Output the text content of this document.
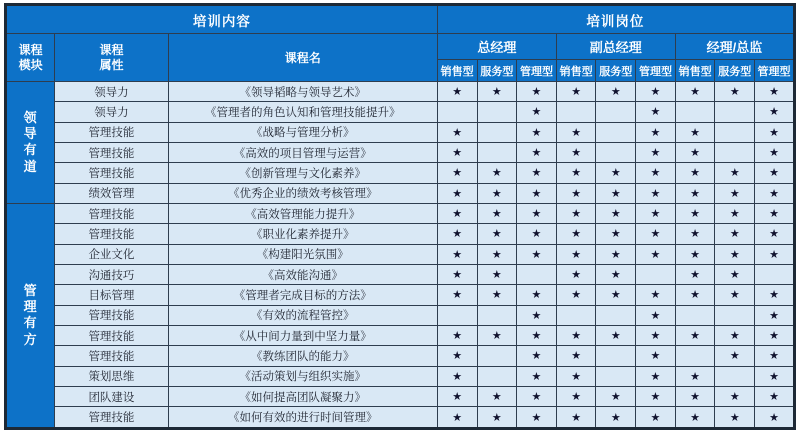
培训内容			培训岗位								
课程模块	课程属性	课程名	总经理			副总经理			经理/总监		
			销售型	服务型	管理型	销售型	服务型	管理型	销售型	服务型	管理型
领导有道	领导力	《领导韬略与领导艺术》	★	★	★	★	★	★	★	★	★
	领导力	《管理者的角色认知和管理技能提升》			★			★			★
	管理技能	《战略与管理分析》	★		★	★		★	★		★
	管理技能	《高效的项目管理与运营》	★		★	★		★	★		★
	管理技能	《创新管理与文化素养》	★	★	★	★	★	★	★	★	★
	绩效管理	《优秀企业的绩效考核管理》	★	★	★	★	★	★	★	★	★
管理有方	管理技能	《高效管理能力提升》	★	★	★	★	★	★	★	★	★
	管理技能	《职业化素养提升》	★	★	★	★	★	★	★	★	★
	企业文化	《构建阳光氛围》	★	★	★	★	★	★	★	★	★
	沟通技巧	《高效能沟通》	★	★		★	★		★	★	
	目标管理	《管理者完成目标的方法》	★	★	★	★	★	★	★	★	★
	管理技能	《有效的流程管控》			★			★			★
	管理技能	《从中间力量到中坚力量》	★	★	★	★	★	★	★	★	★
	管理技能	《教练团队的能力》	★		★	★		★		★	★
	策划思维	《活动策划与组织实施》	★		★	★		★	★		★
	团队建设	《如何提高团队凝聚力》	★	★	★	★	★	★	★	★	★
	管理技能	《如何有效的进行时间管理》	★	★	★	★	★	★	★	★	★
